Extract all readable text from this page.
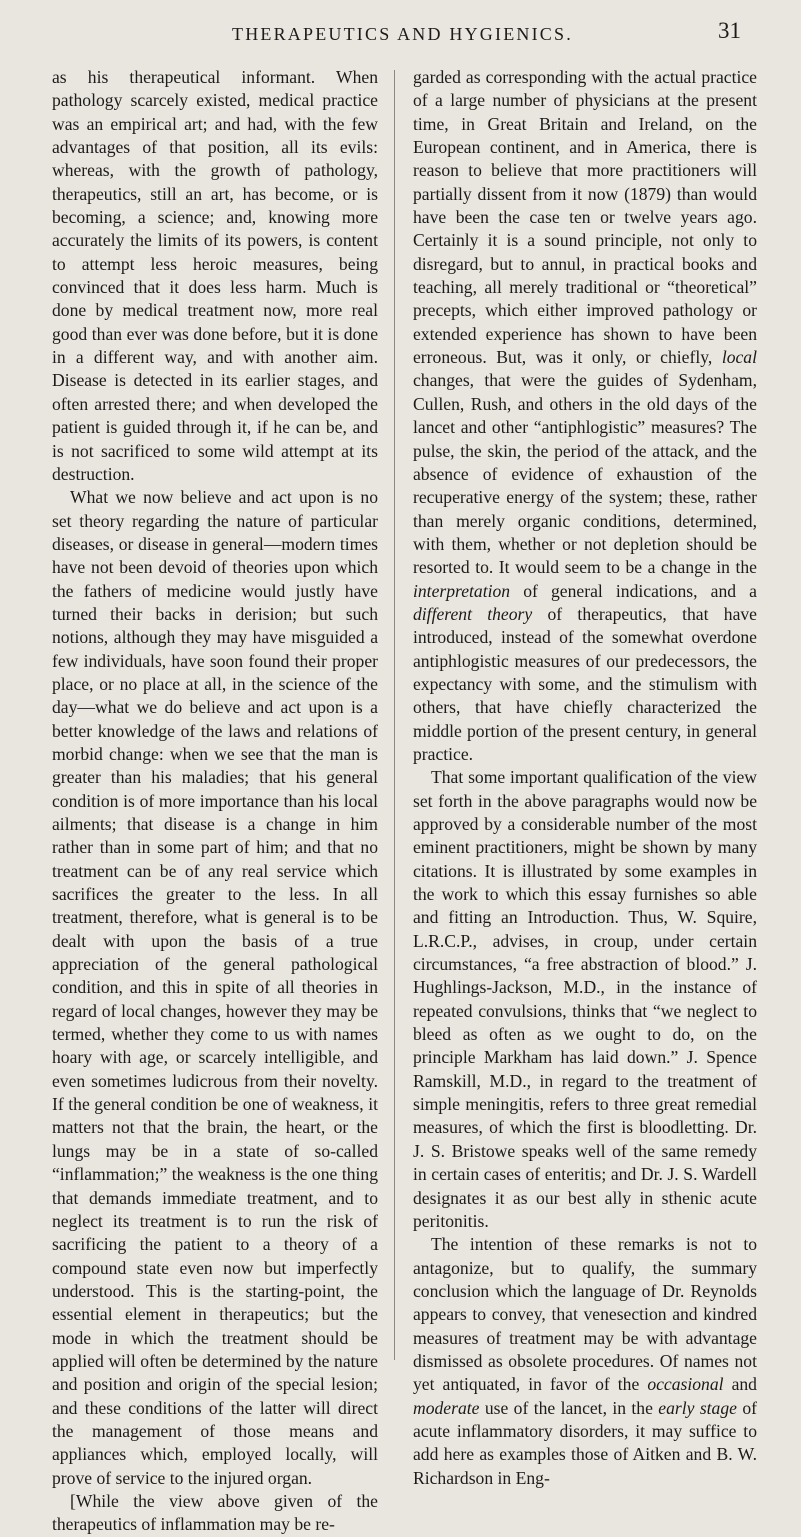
THERAPEUTICS AND HYGIENICS.	31

as his therapeutical informant. When pathology scarcely existed, medical practice was an empirical art; and had, with the few advantages of that position, all its evils: whereas, with the growth of pathology, therapeutics, still an art, has become, or is becoming, a science; and, knowing more accurately the limits of its powers, is content to attempt less heroic measures, being convinced that it does less harm. Much is done by medical treatment now, more real good than ever was done before, but it is done in a different way, and with another aim. Disease is detected in its earlier stages, and often arrested there; and when developed the patient is guided through it, if he can be, and is not sacrificed to some wild attempt at its destruction.

What we now believe and act upon is no set theory regarding the nature of particular diseases, or disease in general—modern times have not been devoid of theories upon which the fathers of medicine would justly have turned their backs in derision; but such notions, although they may have misguided a few individuals, have soon found their proper place, or no place at all, in the science of the day—what we do believe and act upon is a better knowledge of the laws and relations of morbid change: when we see that the man is greater than his maladies; that his general condition is of more importance than his local ailments; that disease is a change in him rather than in some part of him; and that no treatment can be of any real service which sacrifices the greater to the less. In all treatment, therefore, what is general is to be dealt with upon the basis of a true appreciation of the general pathological condition, and this in spite of all theories in regard of local changes, however they may be termed, whether they come to us with names hoary with age, or scarcely intelligible, and even sometimes ludicrous from their novelty. If the general condition be one of weakness, it matters not that the brain, the heart, or the lungs may be in a state of so-called “inflammation;” the weakness is the one thing that demands immediate treatment, and to neglect its treatment is to run the risk of sacrificing the patient to a theory of a compound state even now but imperfectly understood. This is the starting-point, the essential element in therapeutics; but the mode in which the treatment should be applied will often be determined by the nature and position and origin of the special lesion; and these conditions of the latter will direct the management of those means and appliances which, employed locally, will prove of service to the injured organ.

[While the view above given of the therapeutics of inflammation may be re-

garded as corresponding with the actual practice of a large number of physicians at the present time, in Great Britain and Ireland, on the European continent, and in America, there is reason to believe that more practitioners will partially dissent from it now (1879) than would have been the case ten or twelve years ago. Certainly it is a sound principle, not only to disregard, but to annul, in practical books and teaching, all merely traditional or “theoretical” precepts, which either improved pathology or extended experience has shown to have been erroneous. But, was it only, or chiefly, local changes, that were the guides of Sydenham, Cullen, Rush, and others in the old days of the lancet and other “antiphlogistic” measures? The pulse, the skin, the period of the attack, and the absence of evidence of exhaustion of the recuperative energy of the system; these, rather than merely organic conditions, determined, with them, whether or not depletion should be resorted to. It would seem to be a change in the interpretation of general indications, and a different theory of therapeutics, that have introduced, instead of the somewhat overdone antiphlogistic measures of our predecessors, the expectancy with some, and the stimulism with others, that have chiefly characterized the middle portion of the present century, in general practice.

That some important qualification of the view set forth in the above paragraphs would now be approved by a considerable number of the most eminent practitioners, might be shown by many citations. It is illustrated by some examples in the work to which this essay furnishes so able and fitting an Introduction. Thus, W. Squire, L.R.C.P., advises, in croup, under certain circumstances, “a free abstraction of blood.” J. Hughlings-Jackson, M.D., in the instance of repeated convulsions, thinks that “we neglect to bleed as often as we ought to do, on the principle Markham has laid down.” J. Spence Ramskill, M.D., in regard to the treatment of simple meningitis, refers to three great remedial measures, of which the first is bloodletting. Dr. J. S. Bristowe speaks well of the same remedy in certain cases of enteritis; and Dr. J. S. Wardell designates it as our best ally in sthenic acute peritonitis.

The intention of these remarks is not to antagonize, but to qualify, the summary conclusion which the language of Dr. Reynolds appears to convey, that venesection and kindred measures of treatment may be with advantage dismissed as obsolete procedures. Of names not yet antiquated, in favor of the occasional and moderate use of the lancet, in the early stage of acute inflammatory disorders, it may suffice to add here as examples those of Aitken and B. W. Richardson in Eng-
